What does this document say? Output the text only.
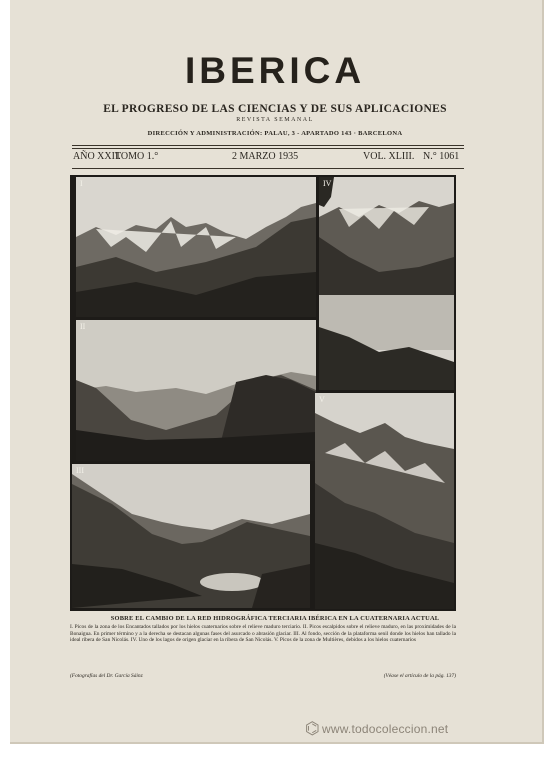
IBERICA
EL PROGRESO DE LAS CIENCIAS Y DE SUS APLICACIONES
REVISTA SEMANAL
DIRECCIÓN Y ADMINISTRACIÓN: PALAU, 3 - APARTADO 143 · BARCELONA
AÑO XXII.
TOMO 1.°	2 MARZO 1935	VOL. XLIII. N.° 1061
I
II
III
IV
V
SOBRE EL CAMBIO DE LA RED HIDROGRÁFICA TERCIARIA IBÉRICA EN LA CUATERNARIA ACTUAL
I. Picos de la zona de los Encantados tallados por los hielos cuaternarios sobre el relieve maduro terciario. II. Picos escalpidos sobre el relieve maduro, en las proximidades de la Bonaigua. En primer término y a la derecha se destacan algunas fases del asurcado o abrasión glaciar. III. Al fondo, sección de la plataforma senil donde los hielos han tallado la ideal ribera de San Nicolás. IV. Uno de los lagos de origen glaciar en la ribera de San Nicolás. V. Picos de la zona de Multières, debidos a los hielos cuaternarios
(Fotografías del Dr. García Sáinz	(Véase el artículo de la pág. 137)
⌬ www.todocoleccion.net
